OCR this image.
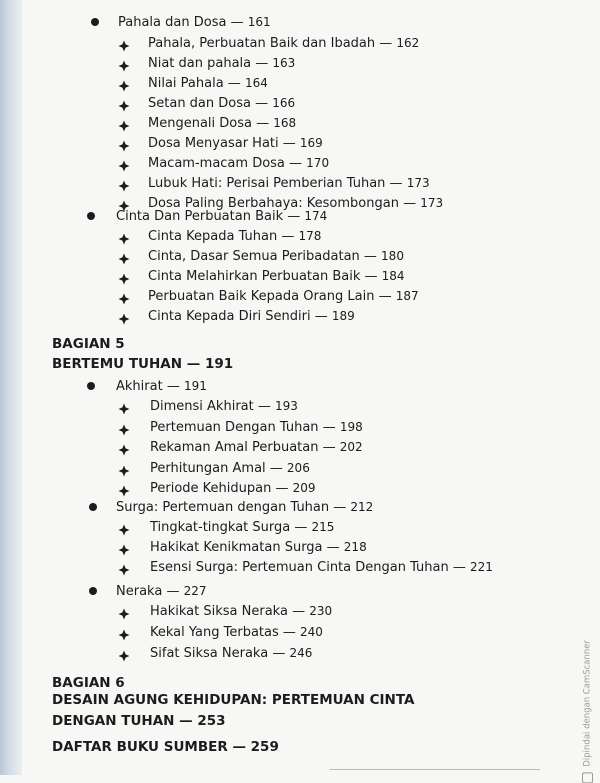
Pahala dan Dosa — 161
Pahala, Perbuatan Baik dan Ibadah — 162
Niat dan pahala — 163
Nilai Pahala — 164
Setan dan Dosa — 166
Mengenali Dosa — 168
Dosa Menyasar Hati — 169
Macam-macam Dosa — 170
Lubuk Hati: Perisai Pemberian Tuhan — 173
Dosa Paling Berbahaya: Kesombongan — 173
Cinta Dan Perbuatan Baik — 174
Cinta Kepada Tuhan — 178
Cinta, Dasar Semua Peribadatan — 180
Cinta Melahirkan Perbuatan Baik — 184
Perbuatan Baik Kepada Orang Lain — 187
Cinta Kepada Diri Sendiri — 189
BAGIAN 5
BERTEMU TUHAN — 191
Akhirat — 191
Dimensi Akhirat — 193
Pertemuan Dengan Tuhan — 198
Rekaman Amal Perbuatan — 202
Perhitungan Amal — 206
Periode Kehidupan — 209
Surga: Pertemuan dengan Tuhan — 212
Tingkat-tingkat Surga — 215
Hakikat Kenikmatan Surga — 218
Esensi Surga: Pertemuan Cinta Dengan Tuhan — 221
Neraka — 227
Hakikat Siksa Neraka — 230
Kekal Yang Terbatas — 240
Sifat Siksa Neraka — 246
BAGIAN 6
DESAIN AGUNG KEHIDUPAN: PERTEMUAN CINTA
DENGAN TUHAN — 253
DAFTAR BUKU SUMBER — 259	Dipindai dengan CamScanner
